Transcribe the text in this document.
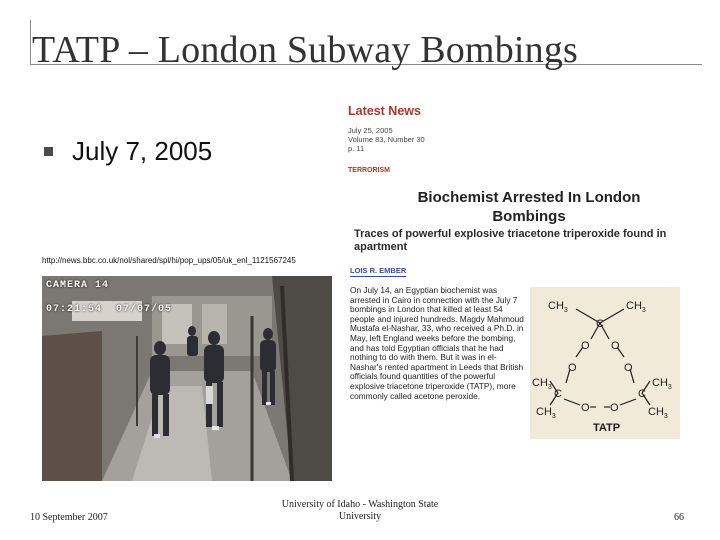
TATP – London Subway Bombings
July 7, 2005
http://news.bbc.co.uk/nol/shared/spl/hi/pop_ups/05/uk_enl_1121567245
CAMERA 14
07:21:54 07/07/05
Latest News
July 25, 2005
Volume 83, Number 30
p. 11
TERRORISM
Biochemist Arrested In London
Bombings
Traces of powerful explosive triacetone triperoxide found in apartment
LOIS R. EMBER
On July 14, an Egyptian biochemist was arrested in Cairo in connection with the July 7 bombings in London that killed at least 54 people and injured hundreds. Magdy Mahmoud Mustafa el-Nashar, 33, who received a Ph.D. in May, left England weeks before the bombing, and has told Egyptian officials that he had nothing to do with them. But it was in el-Nashar's rented apartment in Leeds that British officials found quantities of the powerful explosive triacetone triperoxide (TATP), more commonly called acetone peroxide.
$CH_3$	$CH_3$
C
O O
O	O
$CH_3$	$CH_3$
C	C
$CH_3$	$CH_3$
O O
TATP
10 September 2007
University of Idaho - Washington State
University	66
